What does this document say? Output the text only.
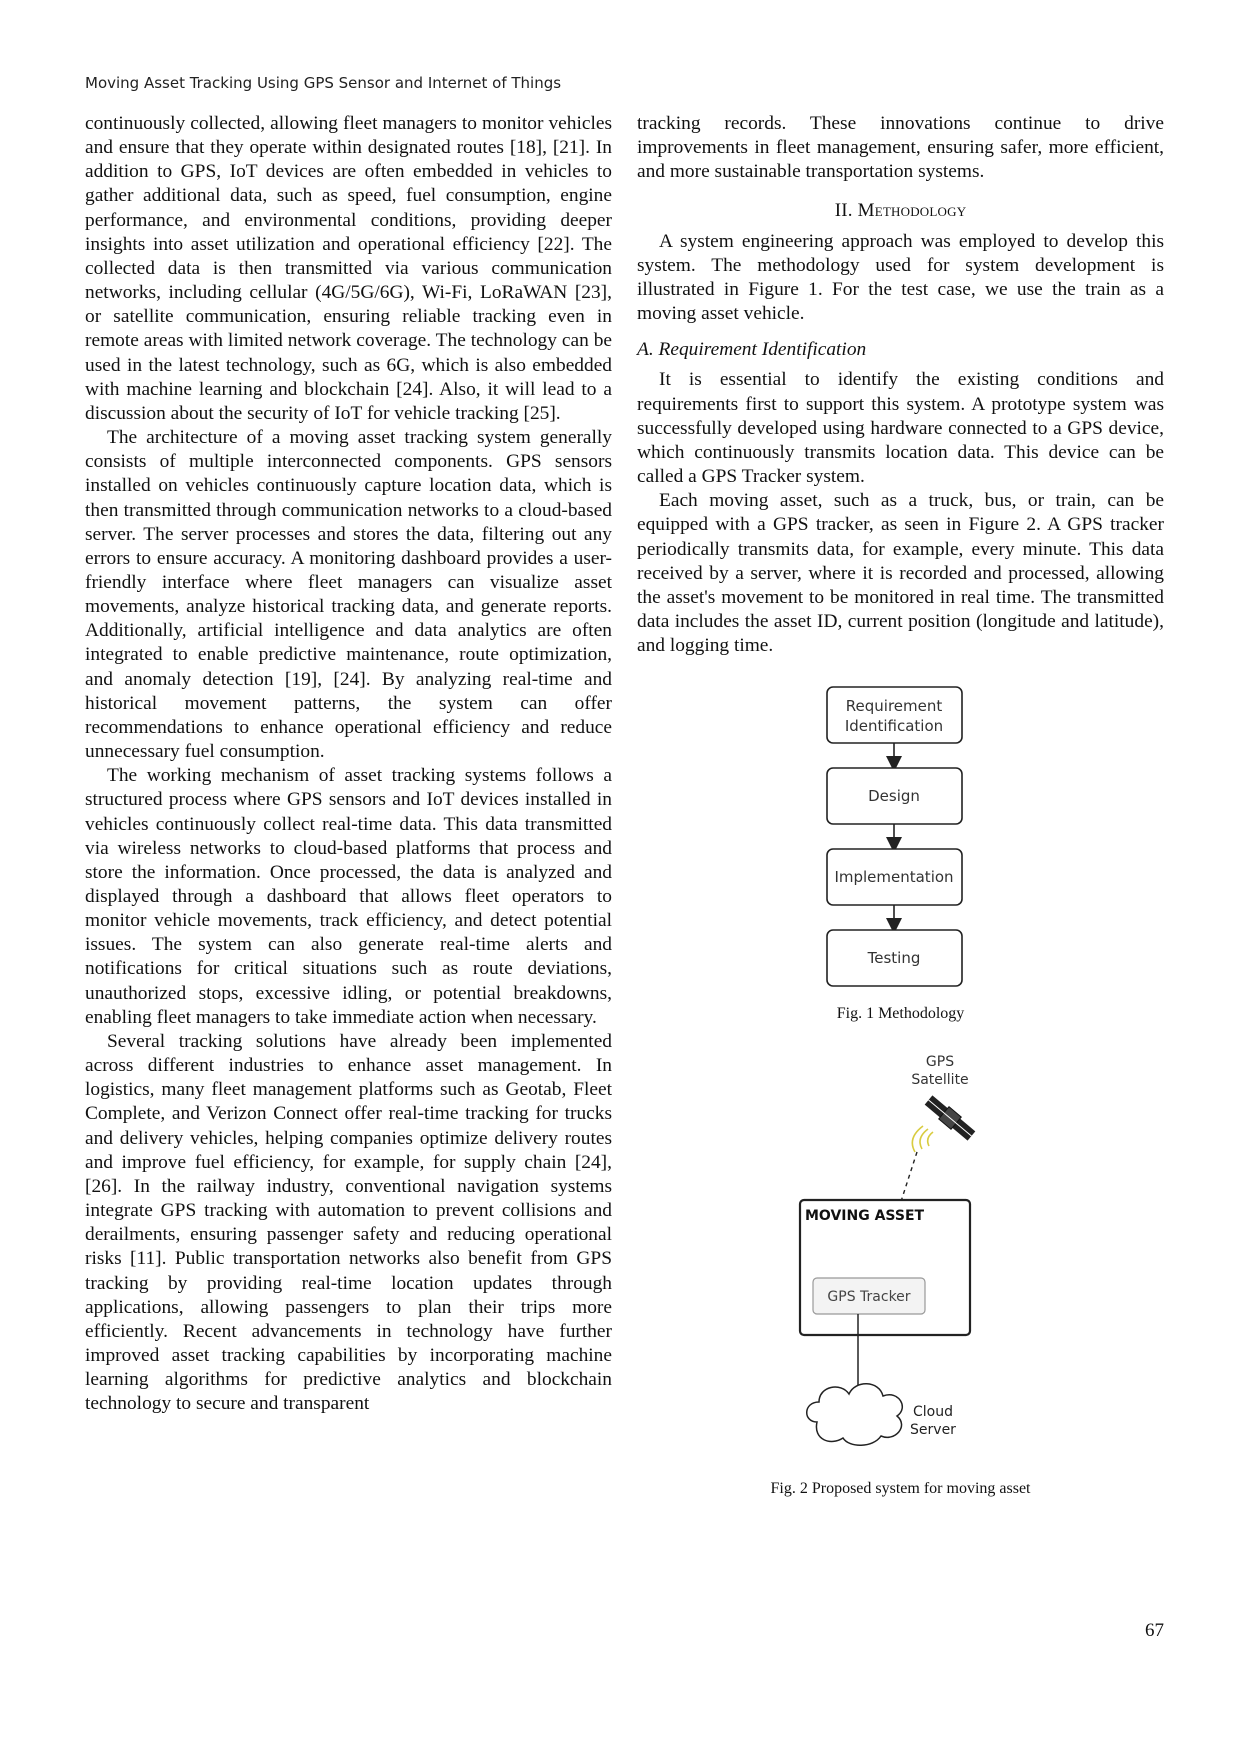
Moving Asset Tracking Using GPS Sensor and Internet of Things

continuously collected, allowing fleet managers to monitor vehicles and ensure that they operate within designated routes [18], [21]. In addition to GPS, IoT devices are often embedded in vehicles to gather additional data, such as speed, fuel consumption, engine performance, and environmental conditions, providing deeper insights into asset utilization and operational efficiency [22]. The collected data is then transmitted via various communication networks, including cellular (4G/5G/6G), Wi-Fi, LoRaWAN [23], or satellite communication, ensuring reliable tracking even in remote areas with limited network coverage. The technology can be used in the latest technology, such as 6G, which is also embedded with machine learning and blockchain [24]. Also, it will lead to a discussion about the security of IoT for vehicle tracking [25].

The architecture of a moving asset tracking system generally consists of multiple interconnected components. GPS sensors installed on vehicles continuously capture location data, which is then transmitted through communication networks to a cloud-based server. The server processes and stores the data, filtering out any errors to ensure accuracy. A monitoring dashboard provides a user-friendly interface where fleet managers can visualize asset movements, analyze historical tracking data, and generate reports. Additionally, artificial intelligence and data analytics are often integrated to enable predictive maintenance, route optimization, and anomaly detection [19], [24]. By analyzing real-time and historical movement patterns, the system can offer recommendations to enhance operational efficiency and reduce unnecessary fuel consumption.

The working mechanism of asset tracking systems follows a structured process where GPS sensors and IoT devices installed in vehicles continuously collect real-time data. This data transmitted via wireless networks to cloud-based platforms that process and store the information. Once processed, the data is analyzed and displayed through a dashboard that allows fleet operators to monitor vehicle movements, track efficiency, and detect potential issues. The system can also generate real-time alerts and notifications for critical situations such as route deviations, unauthorized stops, excessive idling, or potential breakdowns, enabling fleet managers to take immediate action when necessary.

Several tracking solutions have already been implemented across different industries to enhance asset management. In logistics, many fleet management platforms such as Geotab, Fleet Complete, and Verizon Connect offer real-time tracking for trucks and delivery vehicles, helping companies optimize delivery routes and improve fuel efficiency, for example, for supply chain [24], [26]. In the railway industry, conventional navigation systems integrate GPS tracking with automation to prevent collisions and derailments, ensuring passenger safety and reducing operational risks [11]. Public transportation networks also benefit from GPS tracking by providing real-time location updates through applications, allowing passengers to plan their trips more efficiently. Recent advancements in technology have further improved asset tracking capabilities by incorporating machine learning algorithms for predictive analytics and blockchain technology to secure and transparent

tracking records. These innovations continue to drive improvements in fleet management, ensuring safer, more efficient, and more sustainable transportation systems.

II. Methodology

A system engineering approach was employed to develop this system. The methodology used for system development is illustrated in Figure 1. For the test case, we use the train as a moving asset vehicle.

A. Requirement Identification

It is essential to identify the existing conditions and requirements first to support this system. A prototype system was successfully developed using hardware connected to a GPS device, which continuously transmits location data. This device can be called a GPS Tracker system.

Each moving asset, such as a truck, bus, or train, can be equipped with a GPS tracker, as seen in Figure 2. A GPS tracker periodically transmits data, for example, every minute. This data received by a server, where it is recorded and processed, allowing the asset's movement to be monitored in real time. The transmitted data includes the asset ID, current position (longitude and latitude), and logging time.

Requirement
Identification
Design
Implementation
Testing
Fig. 1 Methodology
GPS
Satellite
MOVING ASSET
GPS Tracker
Cloud
Server
Fig. 2 Proposed system for moving asset
67
